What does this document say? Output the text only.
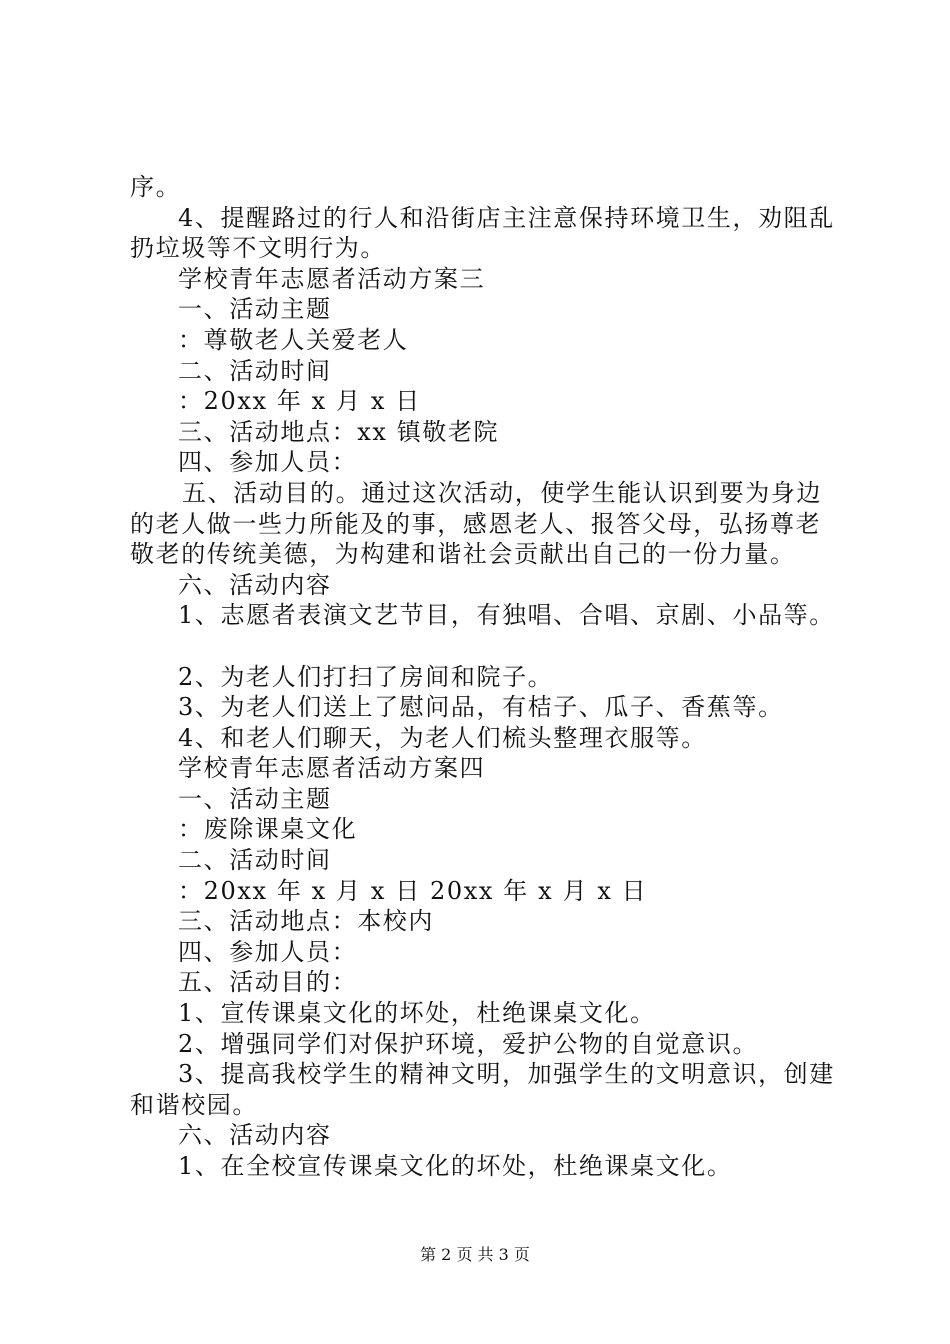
序。
4、提醒路过的行人和沿街店主注意保持环境卫生，劝阻乱
扔垃圾等不文明行为。
学校青年志愿者活动方案三
一、活动主题
：尊敬老人关爱老人
二、活动时间
：20xx 年 x 月 x 日
三、活动地点：xx 镇敬老院
四、参加人员：
五、活动目的。通过这次活动，使学生能认识到要为身边
的老人做一些力所能及的事，感恩老人、报答父母，弘扬尊老
敬老的传统美德，为构建和谐社会贡献出自己的一份力量。
六、活动内容
1、志愿者表演文艺节目，有独唱、合唱、京剧、小品等。
2、为老人们打扫了房间和院子。
3、为老人们送上了慰问品，有桔子、瓜子、香蕉等。
4、和老人们聊天，为老人们梳头整理衣服等。
学校青年志愿者活动方案四
一、活动主题
：废除课桌文化
二、活动时间
：20xx 年 x 月 x 日 20xx 年 x 月 x 日
三、活动地点：本校内
四、参加人员：
五、活动目的：
1、宣传课桌文化的坏处，杜绝课桌文化。
2、增强同学们对保护环境，爱护公物的自觉意识。
3、提高我校学生的精神文明，加强学生的文明意识，创建
和谐校园。
六、活动内容
1、在全校宣传课桌文化的坏处，杜绝课桌文化。
第 2 页 共 3 页
